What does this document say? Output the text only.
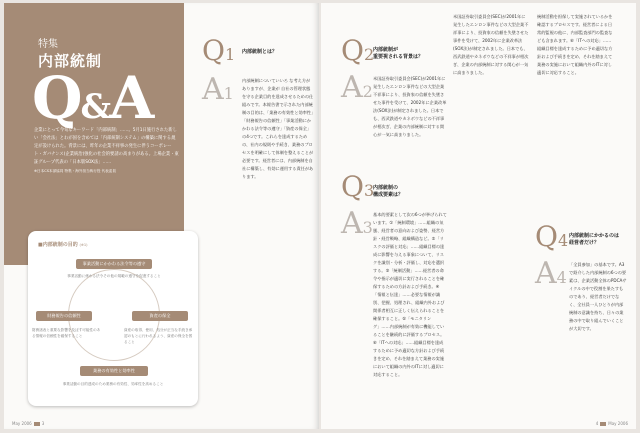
特集
内部統制
Q&A
企業にとって今旬なキーワード「内部統制」……。5月1日施行された新しい「会社法」とわが国を含めては「内部統制システム」の構築に関する規定が設けられた。背景には、昨年の企業不祥事の発生に伴うコーポレート・ガバナンス(企業統治)強化の社会的要請の高まりがある。上場企業・東証グループ代表の「日本版SOX法」……
※日本CS本部協同 特集・海外担当執行役 代表委員
Q1 内部統制とは？
A1
内部統制についていいろ な考え方がありますが、企業が 自社の管理状態を守る企業目的を達成させるための仕組みです。本報告書で示された内部統制の目的は、「業務の有効性と効率性」「財務報告の信頼性」「事業活動にかかわる法令等の遵守」「資産の保全」の4つです。これらを達成するための、社内の規則や手続き、業務のプロセスを明確にして体制を整えることが必要です。経営者には、内部統制を自社に構築し、有効に運用する責任があります。
■内部統制の目的 (※1)
事業活動にかかわる法令等の遵守
事業活動に係わる法令その他の規範の遵守を促進すること
財務報告の信頼性
財務諸表と重要な影響を及ぼす可能性のある情報の信頼性を確保すること
資産の保全
資産の取得、使用、処分が正当な手続き承認のもとに行われるよう、資産の保全を図ること
業務の有効性と効率性
事業活動の目的達成のため業務の有効性、効率性を高めること
May 2006	3
Q2
内部統制が
重要視される背景は？
A2
米国証券取引委員会(SEC)が2001年に発生したエンロン事件などの大型企業不祥事により、投資家の信頼を失墜させた事件を受けて、2002年に企業改革法(SOX法)が制定されました。日本でも、西武鉄道やカネボウなどの不祥事が相次ぎ、企業の内部統制に対する関心が一気に高まりました。
Q3
内部統制の
構成要素は？
A3
基本的要素として次の6つが挙げられています。①「統制環境」……組織の気風、経営者の意向および姿勢、経営方針・経営戦略、組織構造など。②「リスクの評価と対応」……組織目標の達成に影響を与える事象について、リスクを識別・分析・評価し、対応を選択する。③「統制活動」……経営者の命令や指示が適切に実行されることを確保するための方針および手続き。④「情報と伝達」……必要な情報が識別、把握、処理され、組織内外および関係者相互に正しく伝えられることを確保すること。⑤「モニタリング」……内部統制が有効に機能していることを継続的に評価するプロセス。⑥「ITへの対応」……組織目標を達成するために予め適切な方針および手続きを定め、それを踏まえて業務の実施において組織の内外のITに対し適切に対応すること。
米国証券取引委員会(SEC)が2001年に発生したエンロン事件などの大型企業不祥事により、投資家の信頼を失墜させた事件を受けて、2002年に企業改革法(SOX法)が制定されました。日本でも、西武鉄道やカネボウなどの不祥事が相次ぎ、企業の内部統制に対する関心が一気に高まりました。
統制活動を担保して実施されているかを確認するプロセスです。経営者による日常的監視の他に、内部監査部門の監査なども含まれます。⑥「ITへの対応」……組織目標を達成するために予め適切な方針および手続きを定め、それを踏まえて業務の実施において組織内外のITに対し適切に対応すること。
Q4 内部統制にかかるのは
経営者だけ？
A4
「全員参加」の基本です。A3で紹介した内部統制の6つの要素は、企業活動全体のPDCAサイクルの中で役割を果たすものであり、経営者だけでなく、全社員一人ひとりが内部統制の意識を持ち、日々の業務の中で取り組んでいくことが大切です。
4	May 2006
